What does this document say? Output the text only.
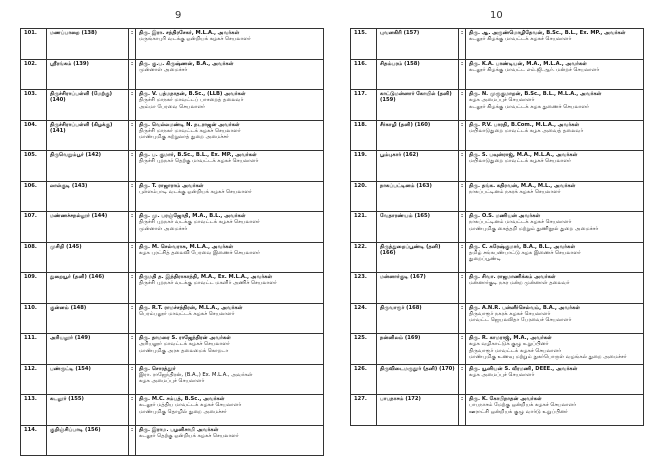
9	10
101.	மணப்பாறை (138)	:	திரு. இரா. சந்திரசேகர், M.L.A., அவர்கள்
மருங்காபுரி வடக்கு ஒன்றியக் கழகச் செயலாளர்

102.	ஸ்ரீரங்கம் (139)	:	திரு. கு.ப. கிருஷ்ணன், B.A., அவர்கள்
முன்னாள் அமைச்சர்

103.	திருச்சிராப்பள்ளி (மேற்கு) (140)	:	திரு. V. பத்மநாதன், B.Sc., (LLB) அவர்கள்
திருச்சி மாநகர் மாவட்டப் பாசறைத் தலைவர்
அம்மா பேரவை செயலாளர்

104.	திருச்சிராப்பள்ளி (கிழக்கு) (141)	:	திரு. வெல்லமண்டி N. நடராஜன் அவர்கள்
திருச்சி மாநகர் மாவட்டக் கழகச் செயலாளர்
மாண்புமிகு சுற்றுலாத் துறை அமைச்சர்

105.	திருவெறும்பூர் (142)	:	திரு. ப. குமார், B.Sc., B.L., Ex. MP., அவர்கள்
திருச்சி புறநகர் தெற்கு மாவட்டக் கழகச் செயலாளர்

106.	லால்குடி (143)	:	திரு. T. ராஜாராம் அவர்கள்
புள்ளம்பாடி வடக்கு ஒன்றியக் கழகச் செயலாளர்

107.	மண்ணச்சநல்லூர் (144)	:	திரு. மு. பரஞ்ஜோதி, M.A., B.L., அவர்கள்
திருச்சி புறநகர் வடக்கு மாவட்டக் கழகச் செயலாளர்
முன்னாள் அமைச்சர்

108.	முசிறி (145)	:	திரு. M. செல்வராசு, M.L.A., அவர்கள்
கழக புரட்சித் தலைவி பேரவை இணைச் செயலாளர்

109.	துறையூர் (தனி) (146)	:	திருமதி த. இந்திராகாந்தி, M.A., Ex. M.L.A., அவர்கள்
திருச்சி புறநகர் வடக்கு மாவட்ட மகளிர் அணிச் செயலாளர்

110.	குன்னம் (148)	:	திரு. R.T. ராமச்சந்திரன், M.L.A., அவர்கள்
பெரம்பலூர் மாவட்டக் கழகச் செயலாளர்

111.	அரியலூர் (149)	:	திரு. தாமரை S. ராஜேந்திரன் அவர்கள்
அரியலூர் மாவட்டக் கழகச் செயலாளர்
மாண்புமிகு அரசு தலைமைக் கொறடா

112.	பண்ருட்டி (154)	:	திரு. சொரத்தூர்
இரா. ராஜேந்திரன், (B.A.,) Ex. M.L.A., அவர்கள்
கழக அமைப்புச் செயலாளர்

113.	கடலூர் (155)	:	திரு. M.C. சம்பத், B.Sc., அவர்கள்
கடலூர் மத்திய மாவட்டக் கழகச் செயலாளர்
மாண்புமிகு தொழில் துறை அமைச்சர்

114.	குறிஞ்சிப்பாடி (156)	:	திரு. இராம. பழனிசாமி அவர்கள்
கடலூர் தெற்கு ஒன்றியக் கழகச் செயலாளர்
115.	புவனகிரி (157)	:	திரு. ஆ. அருண்மொழிதேவன், B.Sc., B.L., Ex. MP., அவர்கள்
கடலூர் கிழக்கு மாவட்டக் கழகச் செயலாளர்

116.	சிதம்பரம் (158)	:	திரு. K.A. பாண்டியன், M.A., M.L.A., அவர்கள்
கடலூர் கிழக்கு மாவட்ட எம்.ஜி.ஆர். மன்றச் செயலாளர்

117.	காட்டுமன்னார் கோயில் (தனி) (159)	:	திரு. N. முருகுமாறன், B.Sc., B.L., M.L.A., அவர்கள்
கழக அமைப்புச் செயலாளர்
கடலூர் கிழக்கு மாவட்டக் கழக துணைச் செயலாளர்

118.	சீர்காழி (தனி) (160)	:	திரு. P.V. பாரதி, B.Com., M.L.A., அவர்கள்
மயிலாடுதுறை மாவட்டக் கழக அவைத் தலைவர்

119.	பூம்புகார் (162)	:	திரு. S. பவுன்ராஜ், M.A., M.L.A., அவர்கள்
மயிலாடுதுறை மாவட்டக் கழகச் செயலாளர்

120.	நாகப்பட்டினம் (163)	:	திரு. தங்க. கதிரவன், M.A., M.L., அவர்கள்
நாகப்பட்டினம் நகரக் கழகச் செயலாளர்

121.	வேதாரண்யம் (165)	:	திரு. O.S. மணியன் அவர்கள்
நாகப்பட்டினம் மாவட்டக் கழகச் செயலாளர்
மாண்புமிகு கைத்தறி மற்றும் துணிநூல் துறை அமைச்சர்

122.	திருத்துறைப்பூண்டி (தனி) (166)	:	திரு. C. சுரேஷ்குமார், B.A., B.L., அவர்கள்
தமிழ் சங்கபண்பாட்டு கழக இணைச் செயலாளர்
துறைப்பூண்டி

123.	மன்னார்குடி (167)	:	திரு. சிவா. ராஜமாணிக்கம் அவர்கள்
மன்னார்குடி நகர மன்ற முன்னாள் தலைவர்

124.	திருவாரூர் (168)	:	திரு. A.N.R. பன்னீர்செல்வம், B.A., அவர்கள்
திருவாரூர் நகரக் கழகச் செயலாளர்
மாவட்ட ஜெயலலிதா பேரவைச் செயலாளர்

125.	நன்னிலம் (169)	:	திரு. R. காமராஜ், M.A., அவர்கள்
கழக வழிகாட்டுக் குழு உறுப்பினர்
திருவாரூர் மாவட்டக் கழகச் செயலாளர்
மாண்புமிகு உணவு மற்றும் நுகர்பொருள் வழங்கல் துறை அமைச்சர்

126.	திருவிடைமருதூர் (தனி) (170)	:	திரு. யூனியன் S. வீரமணி, DEEE., அவர்கள்
கழக அமைப்புச் செயலாளர்

127.	பாபநாசம் (172)	:	திரு. K. கோபிநாதன் அவர்கள்
பாபநாசம் மேற்கு ஒன்றியக் கழகச் செயலாளர்
ஊராட்சி ஒன்றியக் குழு வார்டு உறுப்பினர்
